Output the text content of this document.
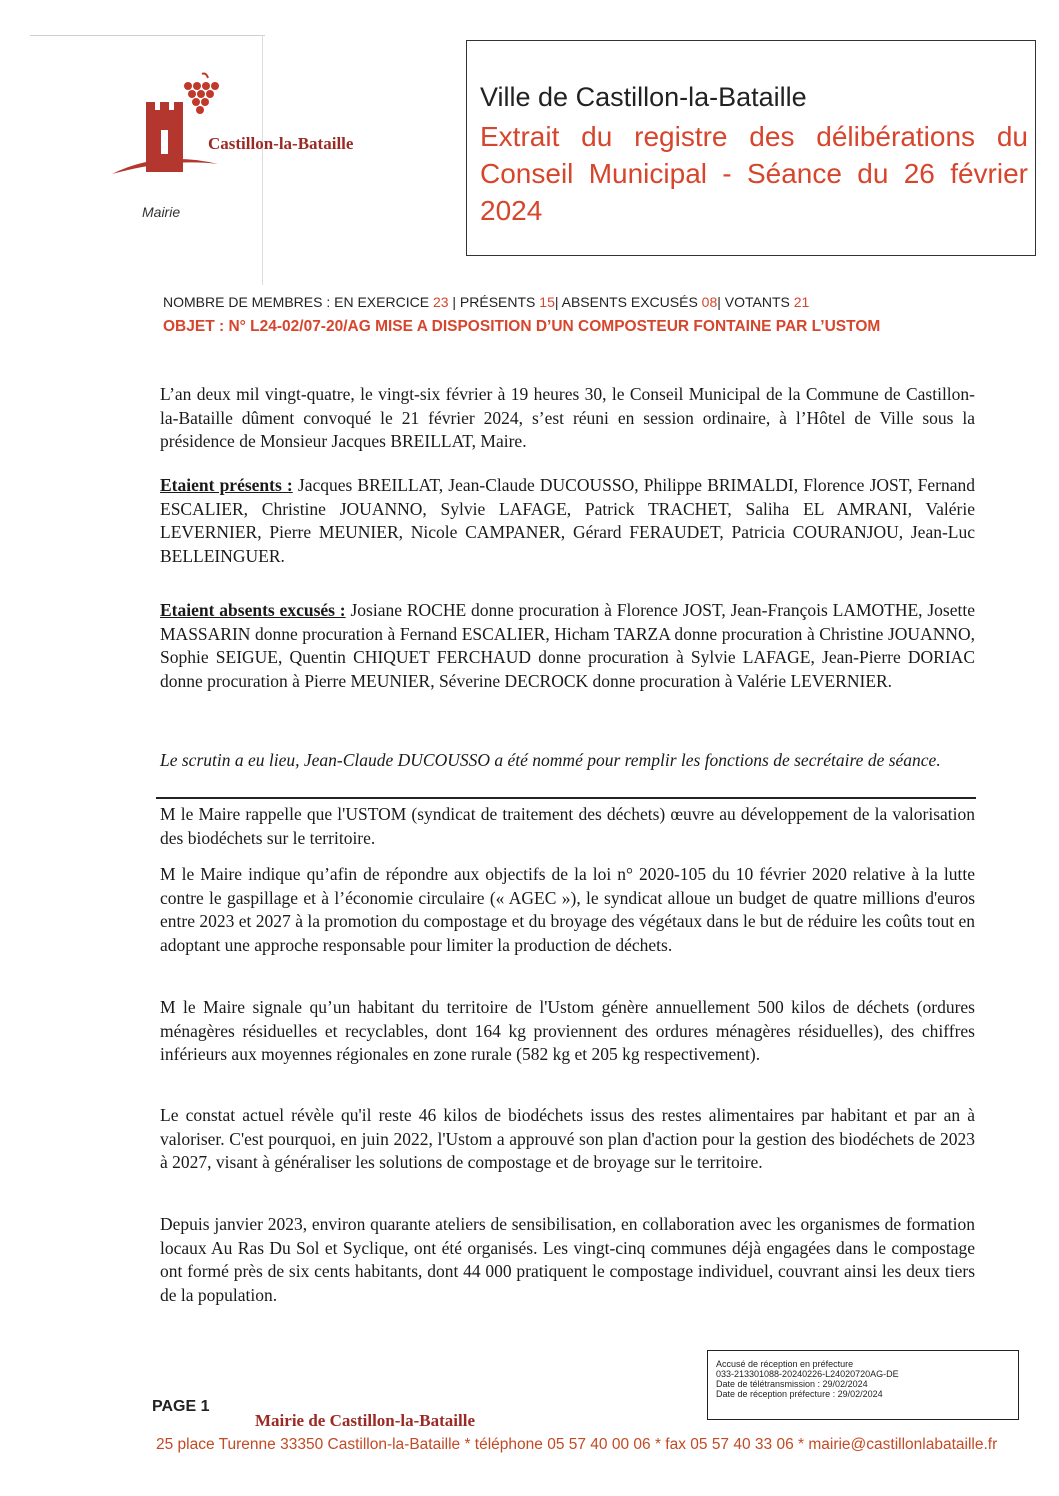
Castillon-la-Bataille
Mairie
Ville de Castillon-la-Bataille
Extrait du registre des délibérations du Conseil Municipal - Séance du 26 février 2024
NOMBRE DE MEMBRES : EN EXERCICE 23 | PRÉSENTS 15| ABSENTS EXCUSÉS 08| VOTANTS 21
OBJET : N° L24-02/07-20/AG MISE A DISPOSITION D’UN COMPOSTEUR FONTAINE PAR L’USTOM

L’an deux mil vingt-quatre, le vingt-six février à 19 heures 30, le Conseil Municipal de la Commune de Castillon-la-Bataille dûment convoqué le 21 février 2024, s’est réuni en session ordinaire, à l’Hôtel de Ville sous la présidence de Monsieur Jacques BREILLAT, Maire.

Etaient présents : Jacques BREILLAT, Jean-Claude DUCOUSSO, Philippe BRIMALDI, Florence JOST, Fernand ESCALIER, Christine JOUANNO, Sylvie LAFAGE, Patrick TRACHET, Saliha EL AMRANI, Valérie LEVERNIER, Pierre MEUNIER, Nicole CAMPANER, Gérard FERAUDET, Patricia COURANJOU, Jean-Luc BELLEINGUER.

Etaient absents excusés : Josiane ROCHE donne procuration à Florence JOST, Jean-François LAMOTHE, Josette MASSARIN donne procuration à Fernand ESCALIER, Hicham TARZA donne procuration à Christine JOUANNO, Sophie SEIGUE, Quentin CHIQUET FERCHAUD donne procuration à Sylvie LAFAGE, Jean-Pierre DORIAC donne procuration à Pierre MEUNIER, Séverine DECROCK donne procuration à Valérie LEVERNIER.

Le scrutin a eu lieu, Jean-Claude DUCOUSSO a été nommé pour remplir les fonctions de secrétaire de séance.

M le Maire rappelle que l'USTOM (syndicat de traitement des déchets) œuvre au développement de la valorisation des biodéchets sur le territoire.

M le Maire indique qu’afin de répondre aux objectifs de la loi n° 2020-105 du 10 février 2020 relative à la lutte contre le gaspillage et à l’économie circulaire (« AGEC »), le syndicat alloue un budget de quatre millions d'euros entre 2023 et 2027 à la promotion du compostage et du broyage des végétaux dans le but de réduire les coûts tout en adoptant une approche responsable pour limiter la production de déchets.

M le Maire signale qu’un habitant du territoire de l'Ustom génère annuellement 500 kilos de déchets (ordures ménagères résiduelles et recyclables, dont 164 kg proviennent des ordures ménagères résiduelles), des chiffres inférieurs aux moyennes régionales en zone rurale (582 kg et 205 kg respectivement).

Le constat actuel révèle qu'il reste 46 kilos de biodéchets issus des restes alimentaires par habitant et par an à valoriser. C'est pourquoi, en juin 2022, l'Ustom a approuvé son plan d'action pour la gestion des biodéchets de 2023 à 2027, visant à généraliser les solutions de compostage et de broyage sur le territoire.

Depuis janvier 2023, environ quarante ateliers de sensibilisation, en collaboration avec les organismes de formation locaux Au Ras Du Sol et Syclique, ont été organisés. Les vingt-cinq communes déjà engagées dans le compostage ont formé près de six cents habitants, dont 44 000 pratiquent le compostage individuel, couvrant ainsi les deux tiers de la population.

Accusé de réception en préfecture
033-213301088-20240226-L24020720AG-DE
Date de télétransmission : 29/02/2024
Date de réception préfecture : 29/02/2024
PAGE 1
Mairie de Castillon-la-Bataille
25 place Turenne 33350 Castillon-la-Bataille * téléphone 05 57 40 00 06 * fax 05 57 40 33 06 * mairie@castillonlabataille.fr
